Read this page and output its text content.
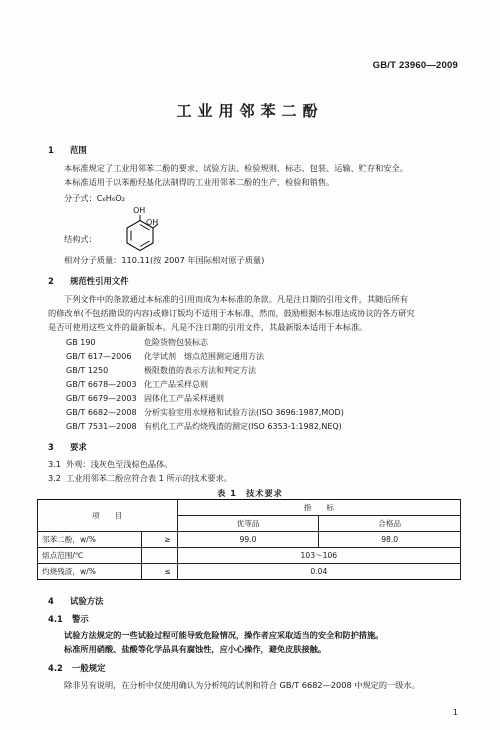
GB/T 23960—2009
工业用邻苯二酚
1 范围
本标准规定了工业用邻苯二酚的要求、试验方法、检验规则、标志、包装、运输、贮存和安全。
本标准适用于以苯酚羟基化法制得的工业用邻苯二酚的生产、检验和销售。
分子式：C₆H₆O₂
OH
OH
结构式：
相对分子质量：110.11(按 2007 年国际相对原子质量)
2 规范性引用文件
下列文件中的条款通过本标准的引用而成为本标准的条款。凡是注日期的引用文件，其随后所有
的修改单(不包括勘误的内容)或修订版均不适用于本标准，然而，鼓励根据本标准达成协议的各方研究
是否可使用这些文件的最新版本。凡是不注日期的引用文件，其最新版本适用于本标准。
GB 190	危险货物包装标志
GB/T 617—2006 化学试剂　熔点范围测定通用方法
GB/T 1250	极限数值的表示方法和判定方法
GB/T 6678—2003 化工产品采样总则
GB/T 6679—2003 固体化工产品采样通则
GB/T 6682—2008 分析实验室用水规格和试验方法(ISO 3696:1987,MOD)
GB/T 7531—2008 有机化工产品灼烧残渣的测定(ISO 6353-1:1982,NEQ)
3 要求
3.1 外观：浅灰色至浅棕色晶体。
3.2 工业用邻苯二酚应符合表 1 所示的技术要求。
表 1　技术要求
项　　目		指　　标	
		优等品	合格品
邻苯二酚，w/%	≥	99.0	98.0
熔点范围/℃		103～106	
灼烧残渣，w/%	≤	0.04	
4 试验方法
4.1 警示
试验方法规定的一些试验过程可能导致危险情况，操作者应采取适当的安全和防护措施。
标准所用硝酸、盐酸等化学品具有腐蚀性，应小心操作，避免皮肤接触。
4.2 一般规定
除非另有说明，在分析中仅使用确认为分析纯的试剂和符合 GB/T 6682—2008 中规定的一级水。
1
